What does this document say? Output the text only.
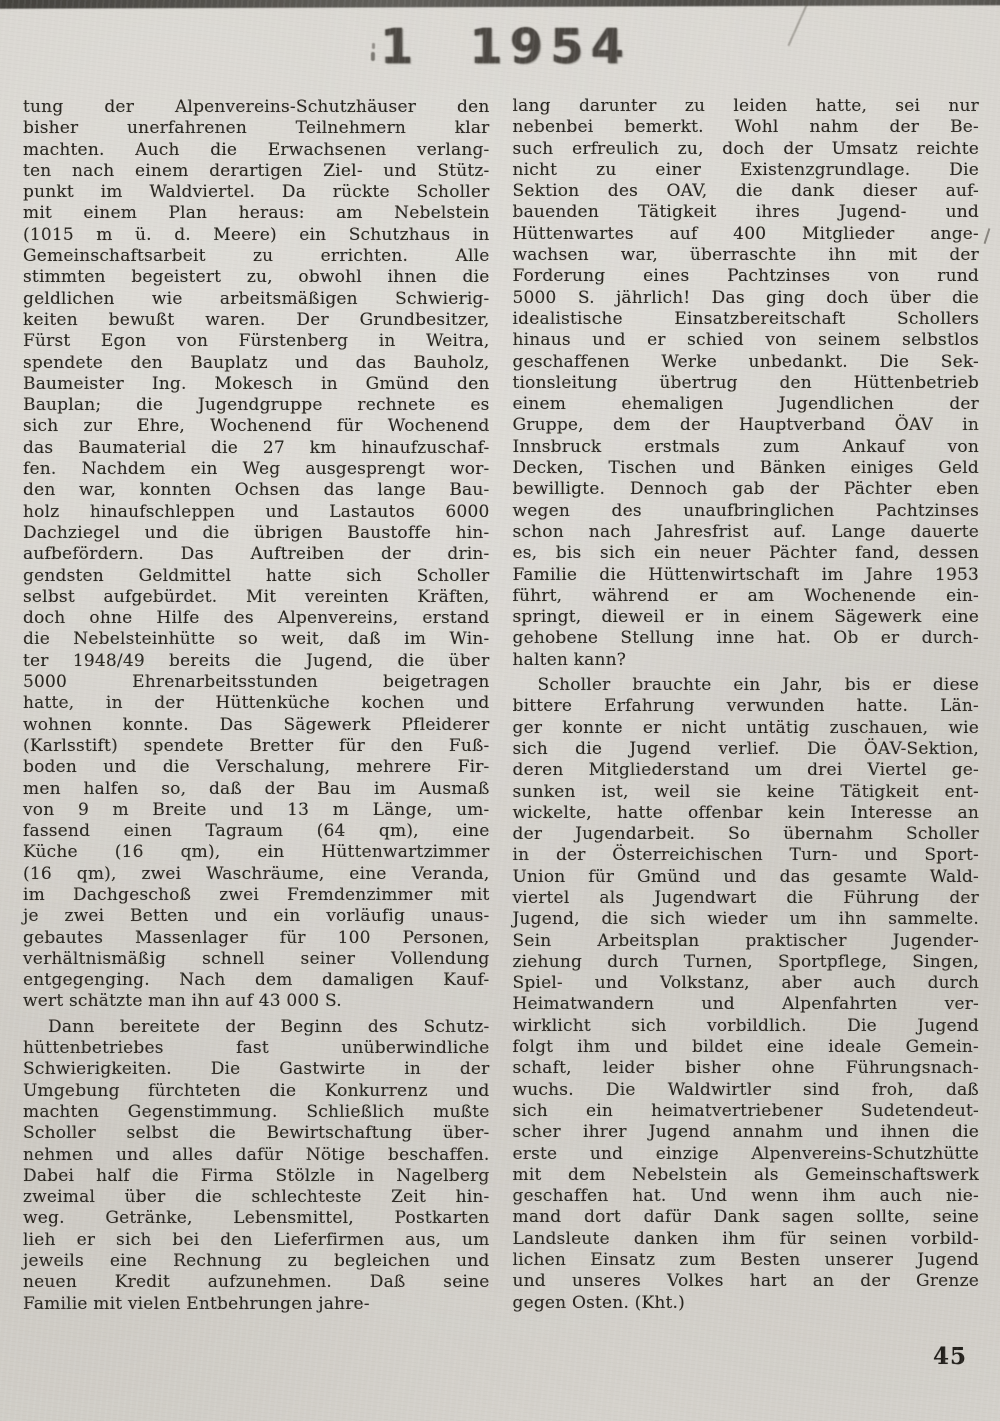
1 1954
tung der Alpenvereins-Schutzhäuser den
bisher unerfahrenen Teilnehmern klar
machten. Auch die Erwachsenen verlang-
ten nach einem derartigen Ziel- und Stütz-
punkt im Waldviertel. Da rückte Scholler
mit einem Plan heraus: am Nebelstein
(1015 m ü. d. Meere) ein Schutzhaus in
Gemeinschaftsarbeit zu errichten. Alle
stimmten begeistert zu, obwohl ihnen die
geldlichen wie arbeitsmäßigen Schwierig-
keiten bewußt waren. Der Grundbesitzer,
Fürst Egon von Fürstenberg in Weitra,
spendete den Bauplatz und das Bauholz,
Baumeister Ing. Mokesch in Gmünd den
Bauplan; die Jugendgruppe rechnete es
sich zur Ehre, Wochenend für Wochenend
das Baumaterial die 27 km hinaufzuschaf-
fen. Nachdem ein Weg ausgesprengt wor-
den war, konnten Ochsen das lange Bau-
holz hinaufschleppen und Lastautos 6000
Dachziegel und die übrigen Baustoffe hin-
aufbefördern. Das Auftreiben der drin-
gendsten Geldmittel hatte sich Scholler
selbst aufgebürdet. Mit vereinten Kräften,
doch ohne Hilfe des Alpenvereins, erstand
die Nebelsteinhütte so weit, daß im Win-
ter 1948/49 bereits die Jugend, die über
5000 Ehrenarbeitsstunden beigetragen
hatte, in der Hüttenküche kochen und
wohnen konnte. Das Sägewerk Pfleiderer
(Karlsstift) spendete Bretter für den Fuß-
boden und die Verschalung, mehrere Fir-
men halfen so, daß der Bau im Ausmaß
von 9 m Breite und 13 m Länge, um-
fassend einen Tagraum (64 qm), eine
Küche (16 qm), ein Hüttenwartzimmer
(16 qm), zwei Waschräume, eine Veranda,
im Dachgeschoß zwei Fremdenzimmer mit
je zwei Betten und ein vorläufig unaus-
gebautes Massenlager für 100 Personen,
verhältnismäßig schnell seiner Vollendung
entgegenging. Nach dem damaligen Kauf-
wert schätzte man ihn auf 43 000 S.
Dann bereitete der Beginn des Schutz-
hüttenbetriebes fast unüberwindliche
Schwierigkeiten. Die Gastwirte in der
Umgebung fürchteten die Konkurrenz und
machten Gegenstimmung. Schließlich mußte
Scholler selbst die Bewirtschaftung über-
nehmen und alles dafür Nötige beschaffen.
Dabei half die Firma Stölzle in Nagelberg
zweimal über die schlechteste Zeit hin-
weg. Getränke, Lebensmittel, Postkarten
lieh er sich bei den Lieferfirmen aus, um
jeweils eine Rechnung zu begleichen und
neuen Kredit aufzunehmen. Daß seine
Familie mit vielen Entbehrungen jahre-
lang darunter zu leiden hatte, sei nur
nebenbei bemerkt. Wohl nahm der Be-
such erfreulich zu, doch der Umsatz reichte
nicht zu einer Existenzgrundlage. Die
Sektion des OAV, die dank dieser auf-
bauenden Tätigkeit ihres Jugend- und
Hüttenwartes auf 400 Mitglieder ange-
wachsen war, überraschte ihn mit der
Forderung eines Pachtzinses von rund
5000 S. jährlich! Das ging doch über die
idealistische Einsatzbereitschaft Schollers
hinaus und er schied von seinem selbstlos
geschaffenen Werke unbedankt. Die Sek-
tionsleitung übertrug den Hüttenbetrieb
einem ehemaligen Jugendlichen der
Gruppe, dem der Hauptverband ÖAV in
Innsbruck erstmals zum Ankauf von
Decken, Tischen und Bänken einiges Geld
bewilligte. Dennoch gab der Pächter eben
wegen des unaufbringlichen Pachtzinses
schon nach Jahresfrist auf. Lange dauerte
es, bis sich ein neuer Pächter fand, dessen
Familie die Hüttenwirtschaft im Jahre 1953
führt, während er am Wochenende ein-
springt, dieweil er in einem Sägewerk eine
gehobene Stellung inne hat. Ob er durch-
halten kann?
Scholler brauchte ein Jahr, bis er diese
bittere Erfahrung verwunden hatte. Län-
ger konnte er nicht untätig zuschauen, wie
sich die Jugend verlief. Die ÖAV-Sektion,
deren Mitgliederstand um drei Viertel ge-
sunken ist, weil sie keine Tätigkeit ent-
wickelte, hatte offenbar kein Interesse an
der Jugendarbeit. So übernahm Scholler
in der Österreichischen Turn- und Sport-
Union für Gmünd und das gesamte Wald-
viertel als Jugendwart die Führung der
Jugend, die sich wieder um ihn sammelte.
Sein Arbeitsplan praktischer Jugender-
ziehung durch Turnen, Sportpflege, Singen,
Spiel- und Volkstanz, aber auch durch
Heimatwandern und Alpenfahrten ver-
wirklicht sich vorbildlich. Die Jugend
folgt ihm und bildet eine ideale Gemein-
schaft, leider bisher ohne Führungsnach-
wuchs. Die Waldwirtler sind froh, daß
sich ein heimatvertriebener Sudetendeut-
scher ihrer Jugend annahm und ihnen die
erste und einzige Alpenvereins-Schutzhütte
mit dem Nebelstein als Gemeinschaftswerk
geschaffen hat. Und wenn ihm auch nie-
mand dort dafür Dank sagen sollte, seine
Landsleute danken ihm für seinen vorbild-
lichen Einsatz zum Besten unserer Jugend
und unseres Volkes hart an der Grenze
gegen Osten. (Kht.)
45
